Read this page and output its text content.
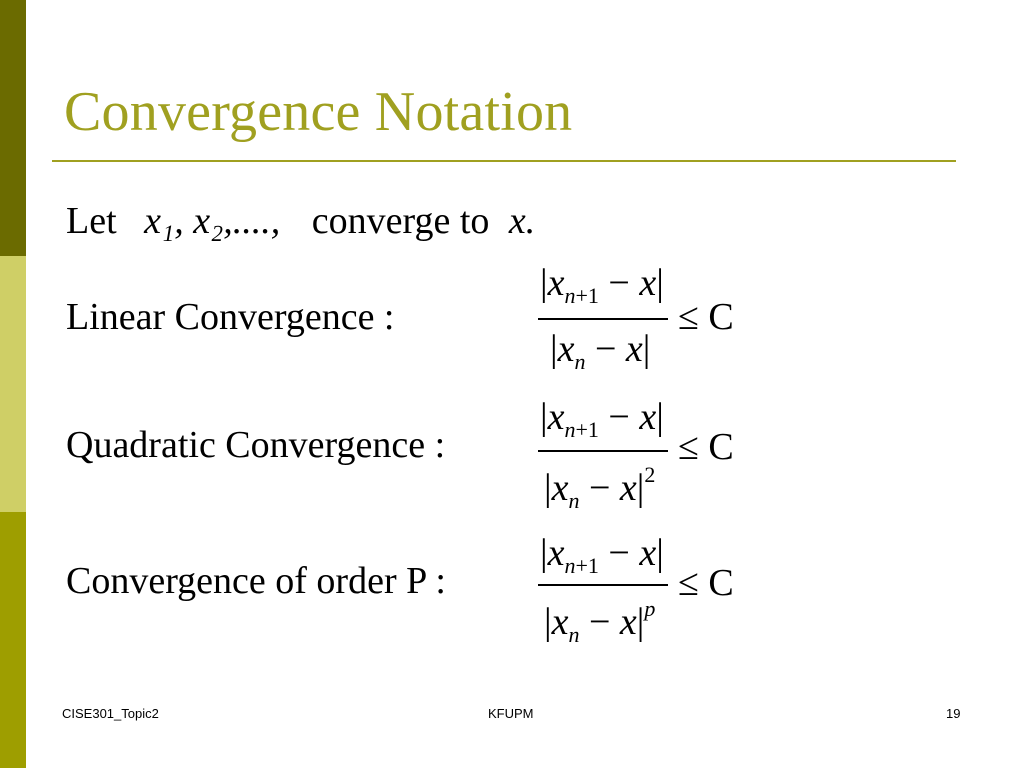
Convergence Notation
Let x₁, x₂,...., converge to x.
Linear Convergence :
$|x_{n+1} - x|$
$|x_n - x|$
≤ C
Quadratic Convergence :
$|x_{n+1} - x|$
$|x_n - x|^2$
≤ C
Convergence of order P :
$|x_{n+1} - x|$
$|x_n - x|^p$
≤ C
CISE301_Topic2	KFUPM	19
